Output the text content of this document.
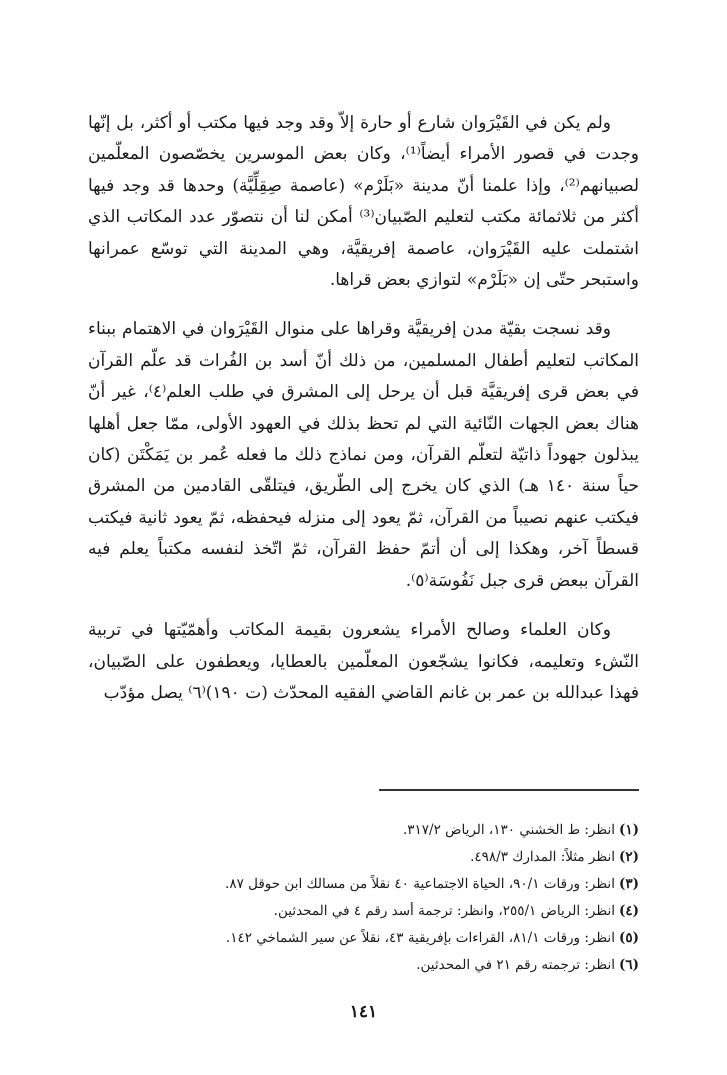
ولم يكن في القَيْرَوان شارع أو حارة إلاّ وقد وجد فيها مكتب أو أكثر، بل إنّها وجدت في قصور الأمراء أيضاً⁽¹⁾، وكان بعض الموسرين يخصّصون المعلّمين لصبيانهم⁽²⁾، وإذا علمنا أنّ مدينة «بَلَرْم» (عاصمة صِقِلِّيَّة) وحدها قد وجد فيها أكثر من ثلاثمائة مكتب لتعليم الصّبيان⁽³⁾ أمكن لنا أن نتصوّر عدد المكاتب الذي اشتملت عليه القَيْرَوان، عاصمة إفريقيَّة، وهي المدينة التي توسّع عمرانها واستبحر حتّى إن «بَلَرْم» لتوازي بعض قراها.

وقد نسجت بقيّة مدن إفريقيَّة وقراها على منوال القَيْرَوان في الاهتمام ببناء المكاتب لتعليم أطفال المسلمين، من ذلك أنّ أسد بن الفُرات قد علّم القرآن في بعض قرى إفريقيَّة قبل أن يرحل إلى المشرق في طلب العلم⁽٤⁾، غير أنّ هناك بعض الجهات النّائية التي لم تحظ بذلك في العهود الأولى، ممّا جعل أهلها يبذلون جهوداً ذاتيّة لتعلّم القرآن، ومن نماذج ذلك ما فعله عُمر بن يَمَكْتَن (كان حياً سنة ١٤٠ هـ) الذي كان يخرج إلى الطّريق، فيتلقّى القادمين من المشرق فيكتب عنهم نصيباً من القرآن، ثمّ يعود إلى منزله فيحفظه، ثمّ يعود ثانية فيكتب قسطاً آخر، وهكذا إلى أن أتمّ حفظ القرآن، ثمّ اتّخذ لنفسه مكتباً يعلم فيه القرآن ببعض قرى جبل نَفُوسَة⁽٥⁾.

وكان العلماء وصالح الأمراء يشعرون بقيمة المكاتب وأهمّيّتها في تربية النّشء وتعليمه، فكانوا يشجّعون المعلّمين بالعطايا، ويعطفون على الصّبيان، فهذا عبدالله بن عمر بن غانم القاضي الفقيه المحدّث (ت ١٩٠)⁽٦⁾ يصل مؤدّب

(١)انظر: ط الخشني ١٣٠، الرياض ٣١٧/٢.
(٢)انظر مثلاً: المدارك ٤٩٨/٣.
(٣)انظر: ورقات ٩٠/١، الحياة الاجتماعية ٤٠ نقلاً من مسالك ابن حوقل ٨٧.
(٤)انظر: الرياض ٢٥٥/١، وانظر: ترجمة أسد رقم ٤ في المحدثين.
(٥)انظر: ورقات ٨١/١، القراءات بإفريقية ٤٣، نقلاً عن سير الشماخي ١٤٢.
(٦)انظر: ترجمته رقم ٢١ في المحدثين.
١٤١
